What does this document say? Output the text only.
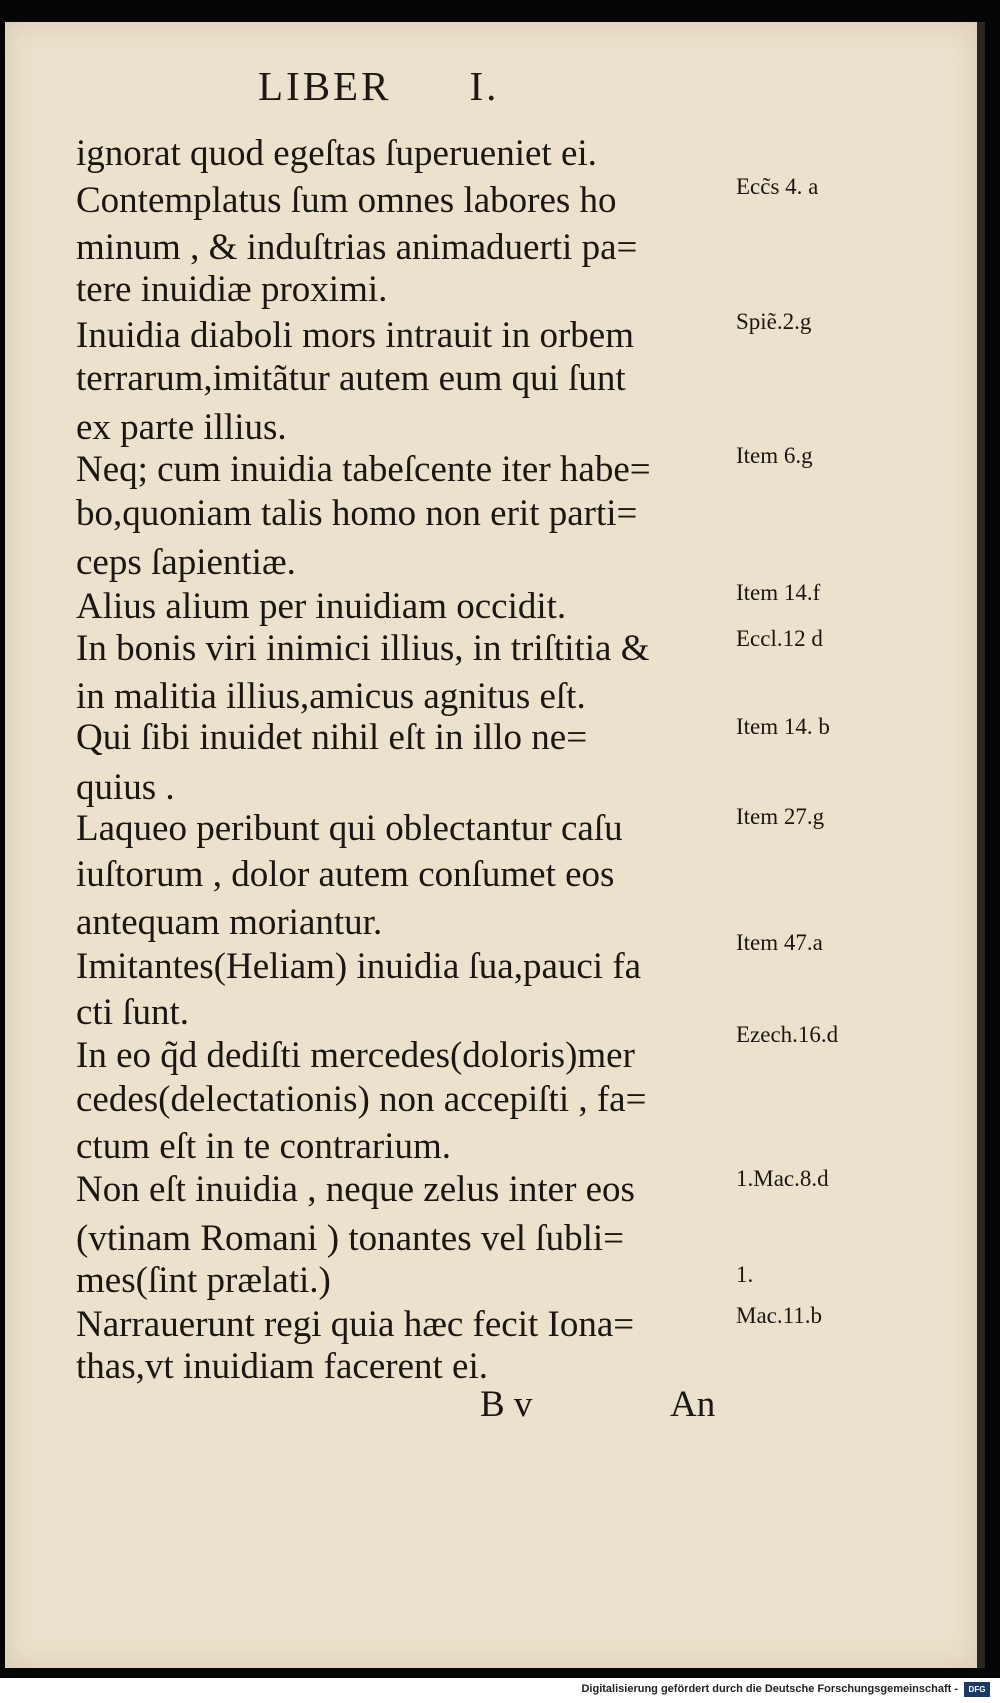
LIBER I.
ignorat quod egeſtas ſuperueniet ei.
Contemplatus ſum omnes labores ho
minum , & induſtrias animaduerti pa=
tere inuidiæ proximi.
Inuidia diaboli mors intrauit in orbem
terrarum,imitãtur autem eum qui ſunt
ex parte illius.
Neq; cum inuidia tabeſcente iter habe=
bo,quoniam talis homo non erit parti=
ceps ſapientiæ.
Alius alium per inuidiam occidit.
In bonis viri inimici illius, in triſtitia &
in malitia illius,amicus agnitus eſt.
Qui ſibi inuidet nihil eſt in illo ne=
quius .
Laqueo peribunt qui oblectantur caſu
iuſtorum , dolor autem conſumet eos
antequam moriantur.
Imitantes(Heliam) inuidia ſua,pauci fa
cti ſunt.
In eo q̃d dediſti mercedes(doloris)mer
cedes(delectationis) non accepiſti , fa=
ctum eſt in te contrarium.
Non eſt inuidia , neque zelus inter eos
(vtinam Romani ) tonantes vel ſubli=
mes(ſint prælati.)
Narrauerunt regi quia hæc fecit Iona=
thas,vt inuidiam facerent ei.
Ecc̃s 4. a
Spiẽ.2.g
Item 6.g
Item 14.f
Eccl.12 d
Item 14. b
Item 27.g
Item 47.a
Ezech.16.d
1.Mac.8.d
1.
Mac.11.b
B v	An
Digitalisierung gefördert durch die Deutsche Forschungsgemeinschaft -	DFG
